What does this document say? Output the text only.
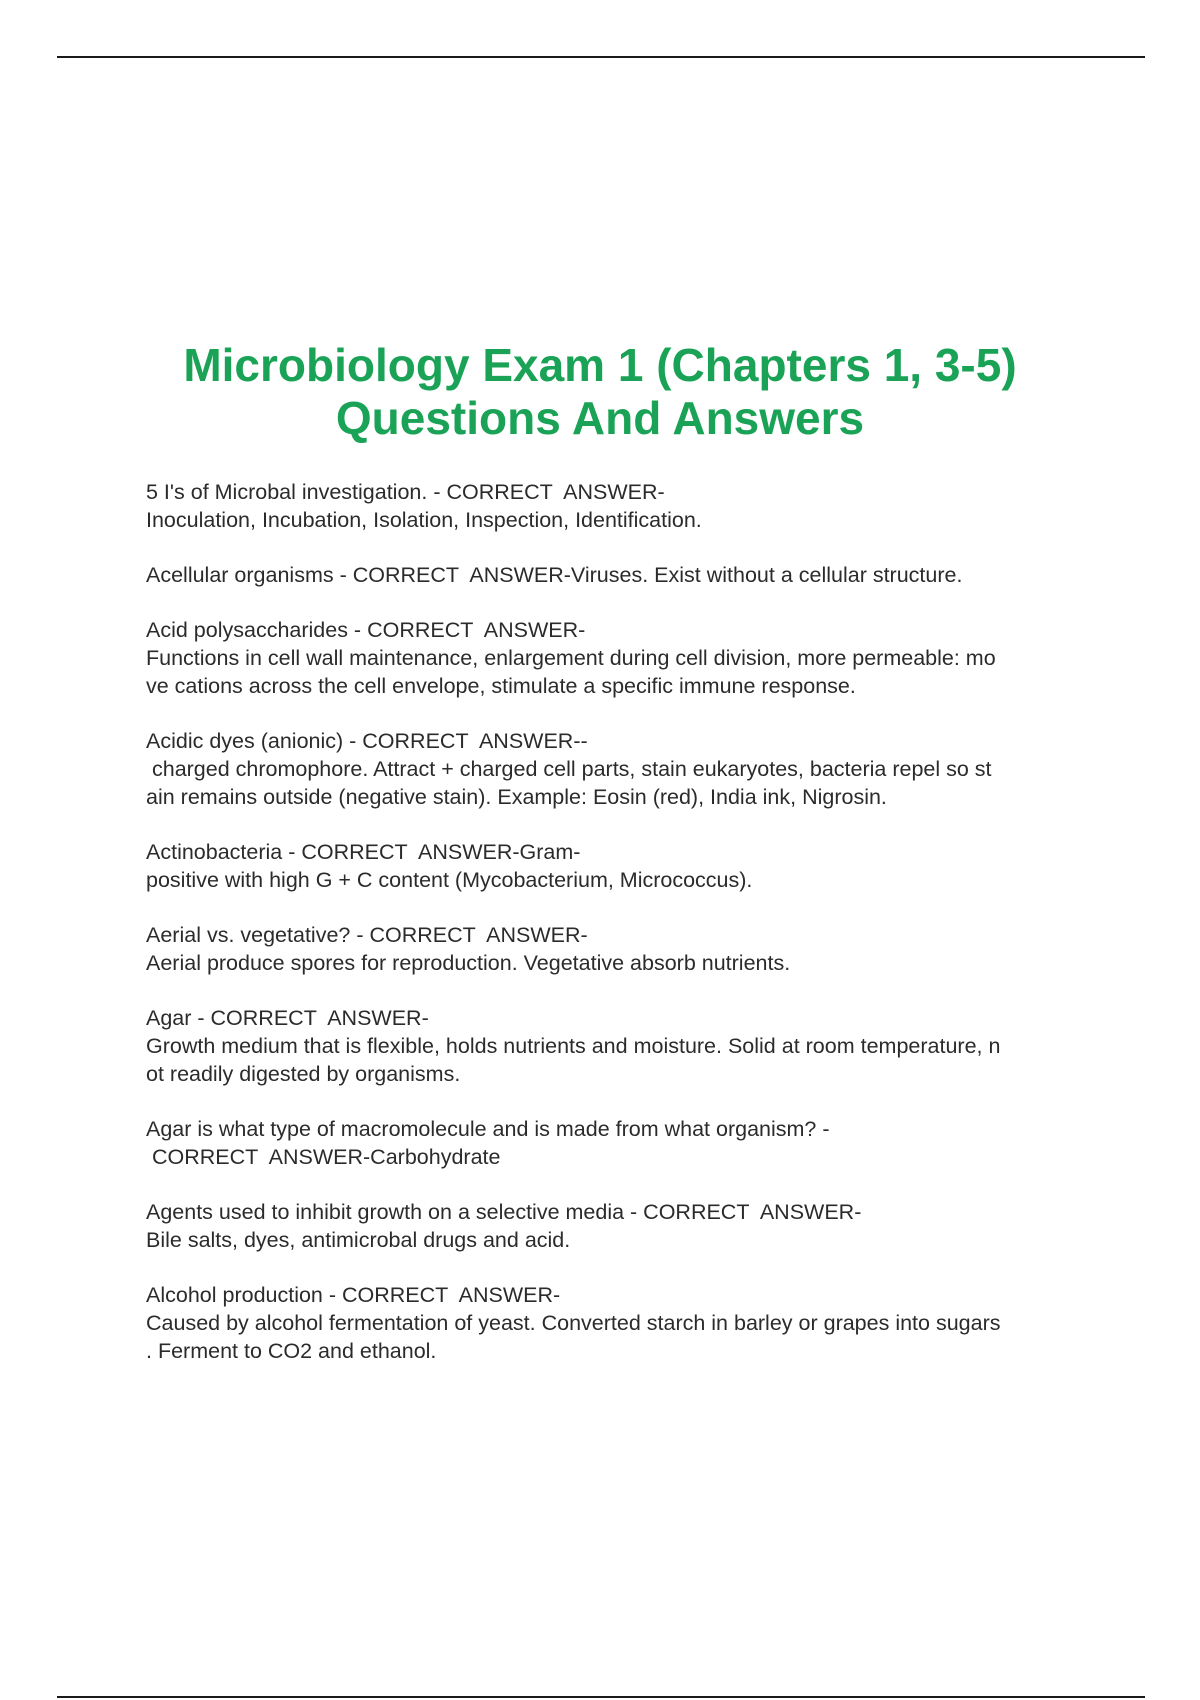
Microbiology Exam 1 (Chapters 1, 3-5)
Questions And Answers
5 I's of Microbal investigation. - CORRECT  ANSWER-
Inoculation, Incubation, Isolation, Inspection, Identification.
Acellular organisms - CORRECT  ANSWER-Viruses. Exist without a cellular structure.
Acid polysaccharides - CORRECT  ANSWER-
Functions in cell wall maintenance, enlargement during cell division, more permeable: mo
ve cations across the cell envelope, stimulate a specific immune response.
Acidic dyes (anionic) - CORRECT  ANSWER--
charged chromophore. Attract + charged cell parts, stain eukaryotes, bacteria repel so st
ain remains outside (negative stain). Example: Eosin (red), India ink, Nigrosin.
Actinobacteria - CORRECT  ANSWER-Gram-
positive with high G + C content (Mycobacterium, Micrococcus).
Aerial vs. vegetative? - CORRECT  ANSWER-
Aerial produce spores for reproduction. Vegetative absorb nutrients.
Agar - CORRECT  ANSWER-
Growth medium that is flexible, holds nutrients and moisture. Solid at room temperature, n
ot readily digested by organisms.
Agar is what type of macromolecule and is made from what organism? -
CORRECT  ANSWER-Carbohydrate
Agents used to inhibit growth on a selective media - CORRECT  ANSWER-
Bile salts, dyes, antimicrobal drugs and acid.
Alcohol production - CORRECT  ANSWER-
Caused by alcohol fermentation of yeast. Converted starch in barley or grapes into sugars
. Ferment to CO2 and ethanol.
